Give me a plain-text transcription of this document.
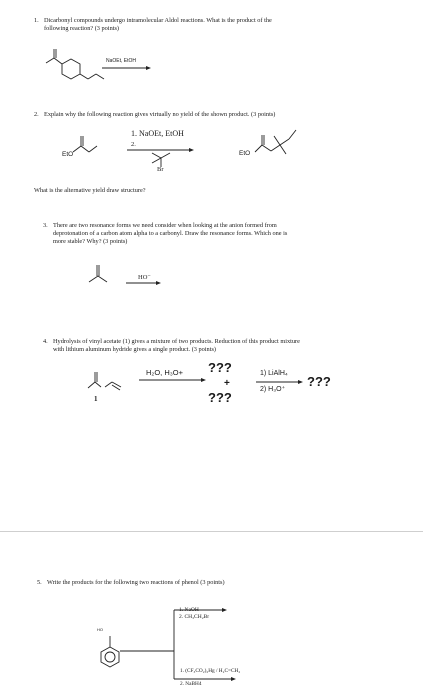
1. Dicarbonyl compounds undergo intramolecular Aldol reactions. What is the product of the
following reaction? (3 points)
NaOEt, EtOH
2. Explain why the following reaction gives virtually no yield of the shown product. (3 points)
EtO
1. NaOEt, EtOH
2.
Br
EtO
What is the alternative yield draw structure?
3. There are two resonance forms we need consider when looking at the anion formed from
deprotonation of a carbon atom alpha to a carbonyl. Draw the resonance forms. Which one is
more stable? Why? (3 points)
HO⁻
4. Hydrolysis of vinyl acetate (1) gives a mixture of two products. Reduction of this product mixture
with lithium aluminum hydride gives a single product. (3 points)
H₂O, H₃O+ ???
+
???
1) LiAlH₄
2) H₃O⁺
???
1
5. Write the products for the following two reactions of phenol (3 points)
HO
1. NaOH
2. CH₃CH₂Br
1. (CF₃CO₂)₂Hg / H₂C=CH₂
2. NaBH4
